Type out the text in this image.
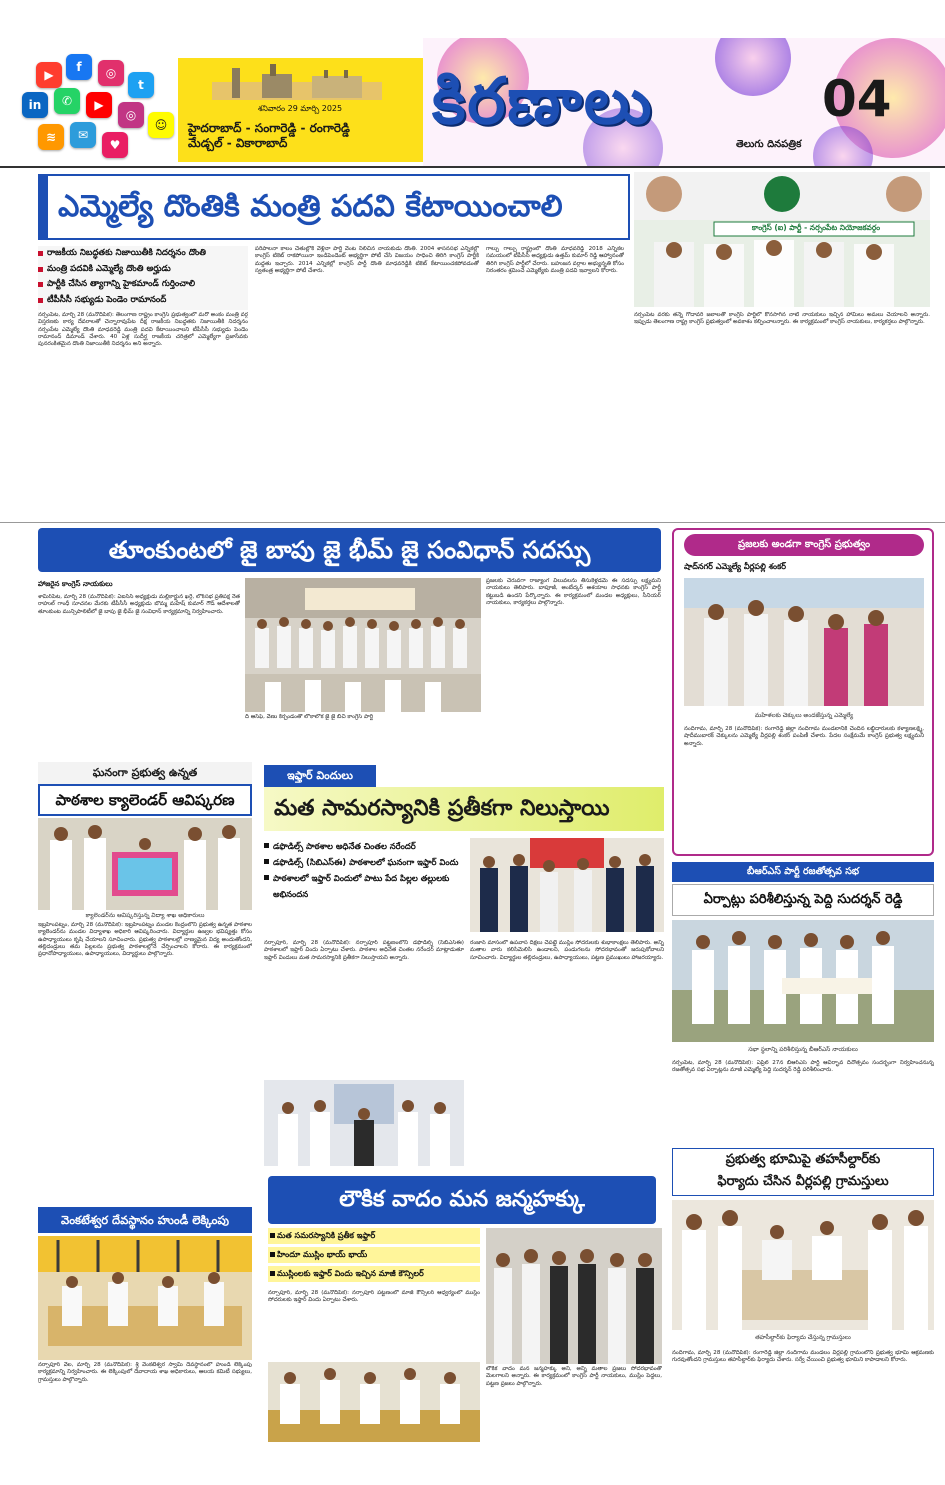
▶
f	◎
t
in	✆	▶
◎
☺
≋	✉
♥
శనివారం 29 మార్చి 2025
హైదరాబాద్ - సంగారెడ్డి - రంగారెడ్డి
మేడ్చల్ - వికారాబాద్
కిరణాలు	04
తెలుగు దినపత్రిక
ఎమ్మెల్యే దొంతికి మంత్రి పదవి కేటాయించాలి
కాంగ్రెస్ (ఐ) పార్టీ - నర్సంపేట నియోజకవర్గం
రాజకీయ నిబద్ధతకు నిజాయితీకి నిదర్శనం దొంతి
మంత్రి పదవికి ఎమ్మెల్యే దొంతి అర్హుడు
పార్టీకి చేసిన త్యాగాన్ని హైకమాండ్ గుర్తించాలి
టీపీసీసీ సభ్యుడు పెండెం రామానంద్
నర్సంపేట, మార్చి 28 (మనోదీపిక): తెలంగాణ రాష్ట్రం కాంగ్రెస్ ప్రభుత్వంలో మరో అంకం మంత్రి వర్గ విస్తరణకు కార్య దేవరాలతో చెన్నారావుపేట దీక్ష రాజకీయ నిబద్ధతకు నిజాయితీకి నిదర్శనం నర్సంపేట ఎమ్మెల్యే దొంతి మాధవరెడ్డి మంత్రి పదవి కేటాయించాలని టీపీసీసీ సభ్యుడు పెండెం రామానంద్ డిమాండ్ చేశారు. 40 ఏళ్ల సుదీర్ఘ రాజకీయ చరిత్రలో ఎమ్మెల్యేగా ప్రజాసేవకు పునరంకితమైన దొంతి నిజాయితీకి నిదర్శనం అని అన్నారు.
పరిపాలనా కాలం చేతుల్లోకి వెళ్లినా పార్టీ వెంట నిలిచిన నాయకుడు దొంతి. 2004 శాసనసభ ఎన్నికల్లో కాంగ్రెస్ టికెట్ రాకపోయినా ఇండిపెండెంట్ అభ్యర్థిగా పోటీ చేసి విజయం సాధించి తిరిగి కాంగ్రెస్ పార్టీకి మద్దతు ఇచ్చారు. 2014 ఎన్నికల్లో కాంగ్రెస్ పార్టీ దొంతి మాధవరెడ్డికి టికెట్ కేటాయించకపోవడంతో స్వతంత్ర అభ్యర్థిగా పోటీ చేశారు.
గాల్చు గాల్చు రాష్ట్రంలో దొంతి మాధవరెడ్డి 2018 ఎన్నికల సమయంలో టీపీసీసీ అధ్యక్షుడు ఉత్తమ్ కుమార్ రెడ్డి ఆహ్వానంతో తిరిగి కాంగ్రెస్ పార్టీలో చేరారు. బహుజన వర్గాల అభ్యున్నతి కోసం నిరంతరం శ్రమించే ఎమ్మెల్యేకు మంత్రి పదవి ఇవ్వాలని కోరారు.
నర్సంపేట వరకు తన్నె గోదావరి జలాలతో కాంగ్రెస్ పార్టీలో కొనసాగిన నాటి నాయకులు ఇచ్చిన హామీలు అమలు చేయాలని అన్నారు. ఇప్పుడు తెలంగాణ రాష్ట్ర కాంగ్రెస్ ప్రభుత్వంలో అవకాశం కల్పించాలన్నారు. ఈ కార్యక్రమంలో కాంగ్రెస్ నాయకులు, కార్యకర్తలు పాల్గొన్నారు.
తూంకుంటలో జై బాపు జై భీమ్ జై సంవిధాన్ సదస్సు
హాజరైన కాంగ్రెస్ నాయకులు
శామీర్‌పేట, మార్చి 28 (మనోదీపిక): ఏఐసీసీ అధ్యక్షుడు మల్లికార్జున ఖర్గే, లోక్‌సభ ప్రతిపక్ష నేత రాహుల్ గాంధీ సూచనల మేరకు టీపీసీసీ అధ్యక్షుడు బొమ్మ మహేష్ కుమార్ గౌడ్ ఆదేశాలతో తూంకుంట మున్సిపాలిటీలో జై బాపు జై భీమ్ జై సంవిధాన్ కార్యక్రమాన్ని నిర్వహించారు.
దీ ఆసిఫ్, వేణు కిర్చండంతో లోకాలోక జై జై బీచీ కాంగ్రెస్ పార్టీ
ప్రజలకు చేరువగా రాజ్యాంగ విలువలను తీసుకెళ్లడమే ఈ సదస్సు లక్ష్యమని నాయకులు తెలిపారు. బాపూజీ, అంబేద్కర్ ఆశయాల సాధనకు కాంగ్రెస్ పార్టీ కట్టుబడి ఉందని పేర్కొన్నారు. ఈ కార్యక్రమంలో మండల అధ్యక్షులు, సీనియర్ నాయకులు, కార్యకర్తలు పాల్గొన్నారు.
ప్రజలకు అండగా కాంగ్రెస్ ప్రభుత్వం
షాద్‌నగర్ ఎమ్మెల్యే వీర్లపల్లి శంకర్
మహిళలకు చెక్కులు అందజేస్తున్న ఎమ్మెల్యే
నందిగామ, మార్చి 28 (మనోదీపిక): రంగారెడ్డి జిల్లా నందిగామ మండలానికి చెందిన లబ్ధిదారులకు కళ్యాణలక్ష్మి, షాదీముబారక్ చెక్కులను ఎమ్మెల్యే వీర్లపల్లి శంకర్ పంపిణీ చేశారు. పేదల సంక్షేమమే కాంగ్రెస్ ప్రభుత్వ లక్ష్యమని అన్నారు.
ఘనంగా ప్రభుత్వ ఉన్నత
పాఠశాల క్యాలెండర్ ఆవిష్కరణ
క్యాలెండర్‌ను ఆవిష్కరిస్తున్న విద్యా శాఖ అధికారులు
ఇబ్రహీంపట్నం, మార్చి 28 (మనోదీపిక): ఇబ్రహీంపట్నం మండల కేంద్రంలోని ప్రభుత్వ ఉన్నత పాఠశాల క్యాలెండర్‌ను మండల విద్యాశాఖ అధికారి ఆవిష్కరించారు. విద్యార్థుల ఉజ్వల భవిష్యత్తు కోసం ఉపాధ్యాయులు కృషి చేయాలని సూచించారు. ప్రభుత్వ పాఠశాలల్లో నాణ్యమైన విద్య అందుతోందని, తల్లిదండ్రులు తమ పిల్లలను ప్రభుత్వ పాఠశాలల్లోనే చేర్పించాలని కోరారు. ఈ కార్యక్రమంలో ప్రధానోపాధ్యాయులు, ఉపాధ్యాయులు, విద్యార్థులు పాల్గొన్నారు.
ఇఫ్తార్ విందులు
మత సామరస్యానికి ప్రతీకగా నిలుస్తాయి
డఫొడిల్స్ పాఠశాల అధినేత చింతల నరేందర్
డఫొడిల్స్ (సిబిఎస్ఈ) పాఠశాలలో ఘనంగా ఇఫ్తార్ విందు
పాఠశాలలో ఇఫ్తార్ విందులో పాటు పేద పిల్లల తల్లులకు అభినందన
నర్సాపూర్, మార్చి 28 (మనోదీపిక): నర్సాపూర్ పట్టణంలోని డఫొడిల్స్ (సిబిఎస్ఈ) పాఠశాలలో ఇఫ్తార్ విందు ఏర్పాటు చేశారు. పాఠశాల అధినేత చింతల నరేందర్ మాట్లాడుతూ ఇఫ్తార్ విందులు మత సామరస్యానికి ప్రతీకగా నిలుస్తాయని అన్నారు.
రంజాన్ మాసంలో ఉపవాస దీక్షలు చేపట్టే ముస్లిం సోదరులకు శుభాకాంక్షలు తెలిపారు. అన్ని మతాల వారు కలిసిమెలిసి ఉండాలని, పండుగలను సోదరభావంతో జరుపుకోవాలని సూచించారు. విద్యార్థుల తల్లిదండ్రులు, ఉపాధ్యాయులు, పట్టణ ప్రముఖులు హాజరయ్యారు.
బీఆర్ఎస్ పార్టీ రజతోత్సవ సభ
ఏర్పాట్లు పరిశీలిస్తున్న పెద్ది సుదర్శన్ రెడ్డి
సభా స్థలాన్ని పరిశీలిస్తున్న బీఆర్ఎస్ నాయకులు
నర్సంపేట, మార్చి 28 (మనోదీపిక): ఏప్రిల్ 27న బీఆర్ఎస్ పార్టీ ఆవిర్భావ దినోత్సవం సందర్భంగా నిర్వహించనున్న రజతోత్సవ సభ ఏర్పాట్లను మాజీ ఎమ్మెల్యే పెద్ది సుదర్శన్ రెడ్డి పరిశీలించారు.
వెంకటేశ్వర దేవస్థానం హుండీ లెక్కింపు
నర్సాపూర్‌ వేల, మార్చి 28 (మనోదీపిక): శ్రీ వెంకటేశ్వర స్వామి దేవస్థానంలో హుండీ లెక్కింపు కార్యక్రమాన్ని నిర్వహించారు. ఈ లెక్కింపులో దేవాదాయ శాఖ అధికారులు, ఆలయ కమిటీ సభ్యులు, గ్రామస్తులు పాల్గొన్నారు.
లౌకిక వాదం మన జన్మహక్కు
మత సమరస్యానికి ప్రతీక ఇఫ్తార్
హిందూ ముస్లిం భాయ్ భాయ్
ముస్లింలకు ఇఫ్తార్ విందు ఇచ్చిన మాజీ కౌన్సిలర్
నర్సాపూర్, మార్చి 28 (మనోదీపిక): నర్సాపూర్ పట్టణంలో మాజీ కౌన్సిలర్ ఆధ్వర్యంలో ముస్లిం సోదరులకు ఇఫ్తార్ విందు ఏర్పాటు చేశారు.
లౌకిక వాదం మన జన్మహక్కు అని, అన్ని మతాల ప్రజలు సోదరభావంతో మెలగాలని అన్నారు. ఈ కార్యక్రమంలో కాంగ్రెస్ పార్టీ నాయకులు, ముస్లిం పెద్దలు, పట్టణ ప్రజలు పాల్గొన్నారు.
ప్రభుత్వ భూమిపై తహసీల్దార్‌కు
ఫిర్యాదు చేసిన వీర్లపల్లి గ్రామస్తులు
తహసీల్దార్‌కు ఫిర్యాదు చేస్తున్న గ్రామస్తులు
నందిగామ, మార్చి 28 (మనోదీపిక): రంగారెడ్డి జిల్లా నందిగామ మండలం వీర్లపల్లి గ్రామంలోని ప్రభుత్వ భూమి ఆక్రమణకు గురవుతోందని గ్రామస్తులు తహసీల్దార్‌కు ఫిర్యాదు చేశారు. సర్వే చేయించి ప్రభుత్వ భూమిని కాపాడాలని కోరారు.
